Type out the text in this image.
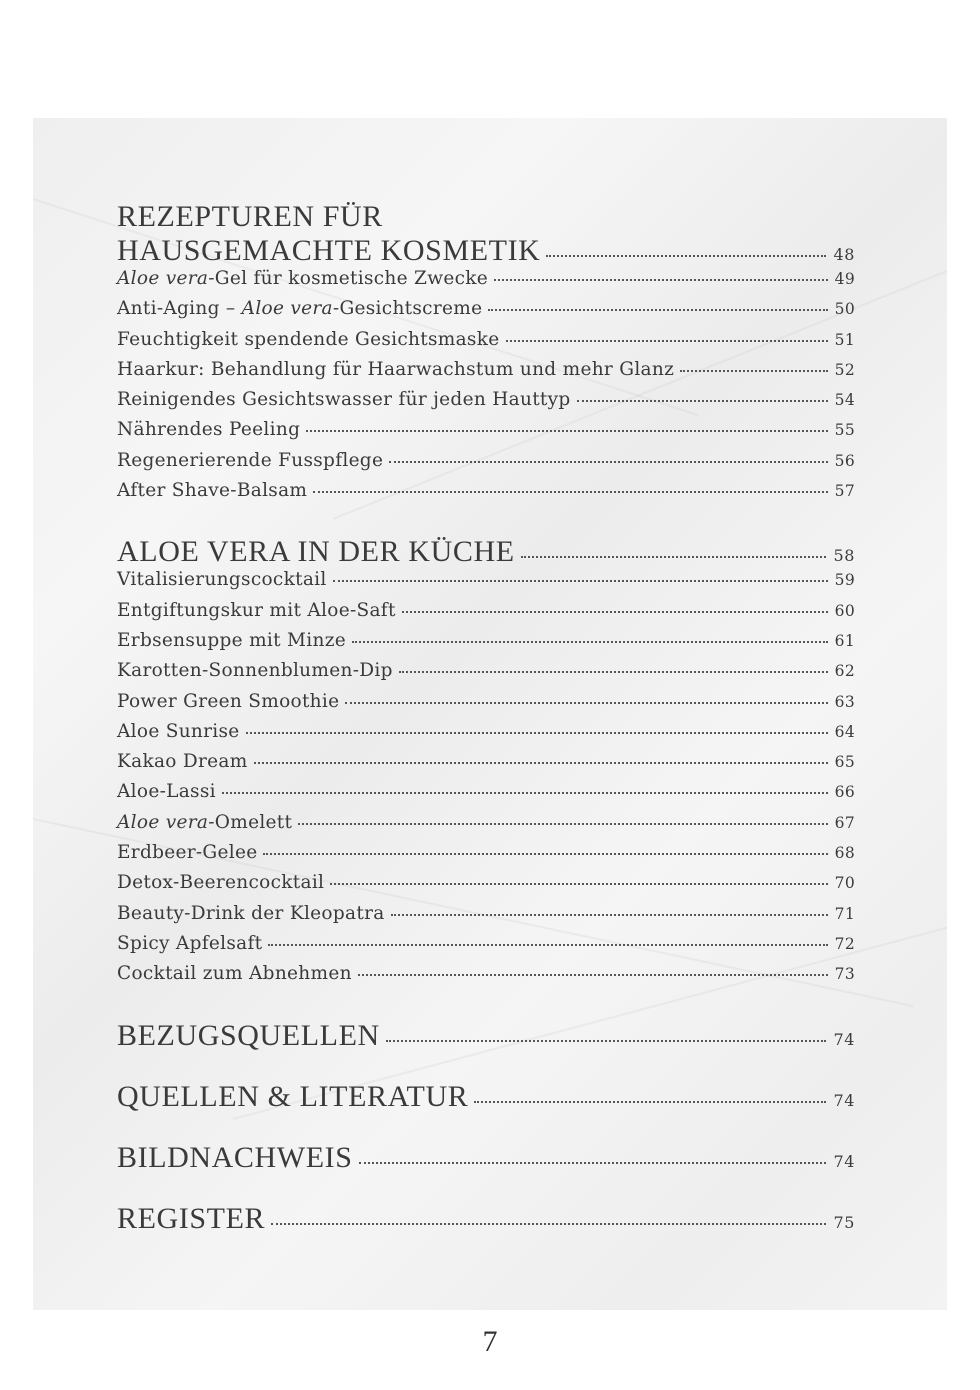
REZEPTUREN FÜR
HAUSGEMACHTE KOSMETIK	48
Aloe vera-Gel für kosmetische Zwecke	49
Anti-Aging – Aloe vera-Gesichtscreme	50
Feuchtigkeit spendende Gesichtsmaske	51
Haarkur: Behandlung für Haarwachstum und mehr Glanz	52
Reinigendes Gesichtswasser für jeden Hauttyp	54
Nährendes Peeling	55
Regenerierende Fusspflege	56
After Shave-Balsam	57
ALOE VERA IN DER KÜCHE	58
Vitalisierungscocktail	59
Entgiftungskur mit Aloe-Saft	60
Erbsensuppe mit Minze	61
Karotten-Sonnenblumen-Dip	62
Power Green Smoothie	63
Aloe Sunrise	64
Kakao Dream	65
Aloe-Lassi	66
Aloe vera-Omelett	67
Erdbeer-Gelee	68
Detox-Beerencocktail	70
Beauty-Drink der Kleopatra	71
Spicy Apfelsaft	72
Cocktail zum Abnehmen	73
BEZUGSQUELLEN	74
QUELLEN & LITERATUR	74
BILDNACHWEIS	74
REGISTER	75
7
